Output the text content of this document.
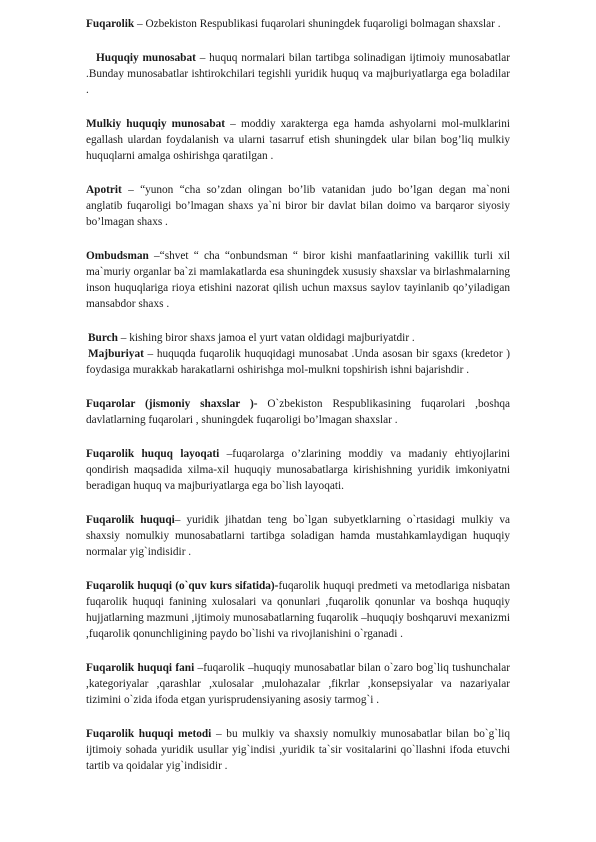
Fuqarolik – Ozbekiston Respublikasi fuqarolari shuningdek fuqaroligi bolmagan shaxslar .

Huquqiy munosabat – huquq normalari bilan tartibga solinadigan ijtimoiy munosabatlar .Bunday munosabatlar ishtirokchilari tegishli yuridik huquq va majburiyatlarga ega boladilar .

Mulkiy huquqiy munosabat – moddiy xarakterga ega hamda ashyolarni mol-mulklarini egallash ulardan foydalanish va ularni tasarruf etish shuningdek ular bilan bog’liq mulkiy huquqlarni amalga oshirishga qaratilgan .

Apotrit – “yunon “cha so’zdan olingan bo’lib vatanidan judo bo’lgan degan ma`noni anglatib fuqaroligi bo’lmagan shaxs ya`ni biror bir davlat bilan doimo va barqaror siyosiy bo’lmagan shaxs .

Ombudsman –“shvet “ cha “onbundsman “ biror kishi manfaatlarining vakillik turli xil ma`muriy organlar ba`zi mamlakatlarda esa shuningdek xususiy shaxslar va birlashmalarning inson huquqlariga rioya etishini nazorat qilish uchun maxsus saylov tayinlanib qo’yiladigan mansabdor shaxs .

Burch – kishing biror shaxs jamoa el yurt vatan oldidagi majburiyatdir .

Majburiyat – huquqda fuqarolik huquqidagi munosabat .Unda asosan bir sgaxs (kredetor ) foydasiga murakkab harakatlarni oshirishga mol-mulkni topshirish ishni bajarishdir .

Fuqarolar (jismoniy shaxslar )- O`zbekiston Respublikasining fuqarolari ,boshqa davlatlarning fuqarolari , shuningdek fuqaroligi bo’lmagan shaxslar .

Fuqarolik huquq layoqati –fuqarolarga o’zlarining moddiy va madaniy ehtiyojlarini qondirish maqsadida xilma-xil huquqiy munosabatlarga kirishishning yuridik imkoniyatni beradigan huquq va majburiyatlarga ega bo`lish layoqati.

Fuqarolik huquqi– yuridik jihatdan teng bo`lgan subyetklarning o`rtasidagi mulkiy va shaxsiy nomulkiy munosabatlarni tartibga soladigan hamda mustahkamlaydigan huquqiy normalar yig`indisidir .

Fuqarolik huquqi (o`quv kurs sifatida)-fuqarolik huquqi predmeti va metodlariga nisbatan fuqarolik huquqi fanining xulosalari va qonunlari ,fuqarolik qonunlar va boshqa huquqiy hujjatlarning mazmuni ,ijtimoiy munosabatlarning fuqarolik –huquqiy boshqaruvi mexanizmi ,fuqarolik qonunchligining paydo bo`lishi va rivojlanishini o`rganadi .

Fuqarolik huquqi fani –fuqarolik –huquqiy munosabatlar bilan o`zaro bog`liq tushunchalar ,kategoriyalar ,qarashlar ,xulosalar ,mulohazalar ,fikrlar ,konsepsiyalar va nazariyalar tizimini o`zida ifoda etgan yurisprudensiyaning asosiy tarmog`i .

Fuqarolik huquqi metodi – bu mulkiy va shaxsiy nomulkiy munosabatlar bilan bo`g`liq ijtimoiy sohada yuridik usullar yig`indisi ,yuridik ta`sir vositalarini qo`llashni ifoda etuvchi tartib va qoidalar yig`indisidir .
